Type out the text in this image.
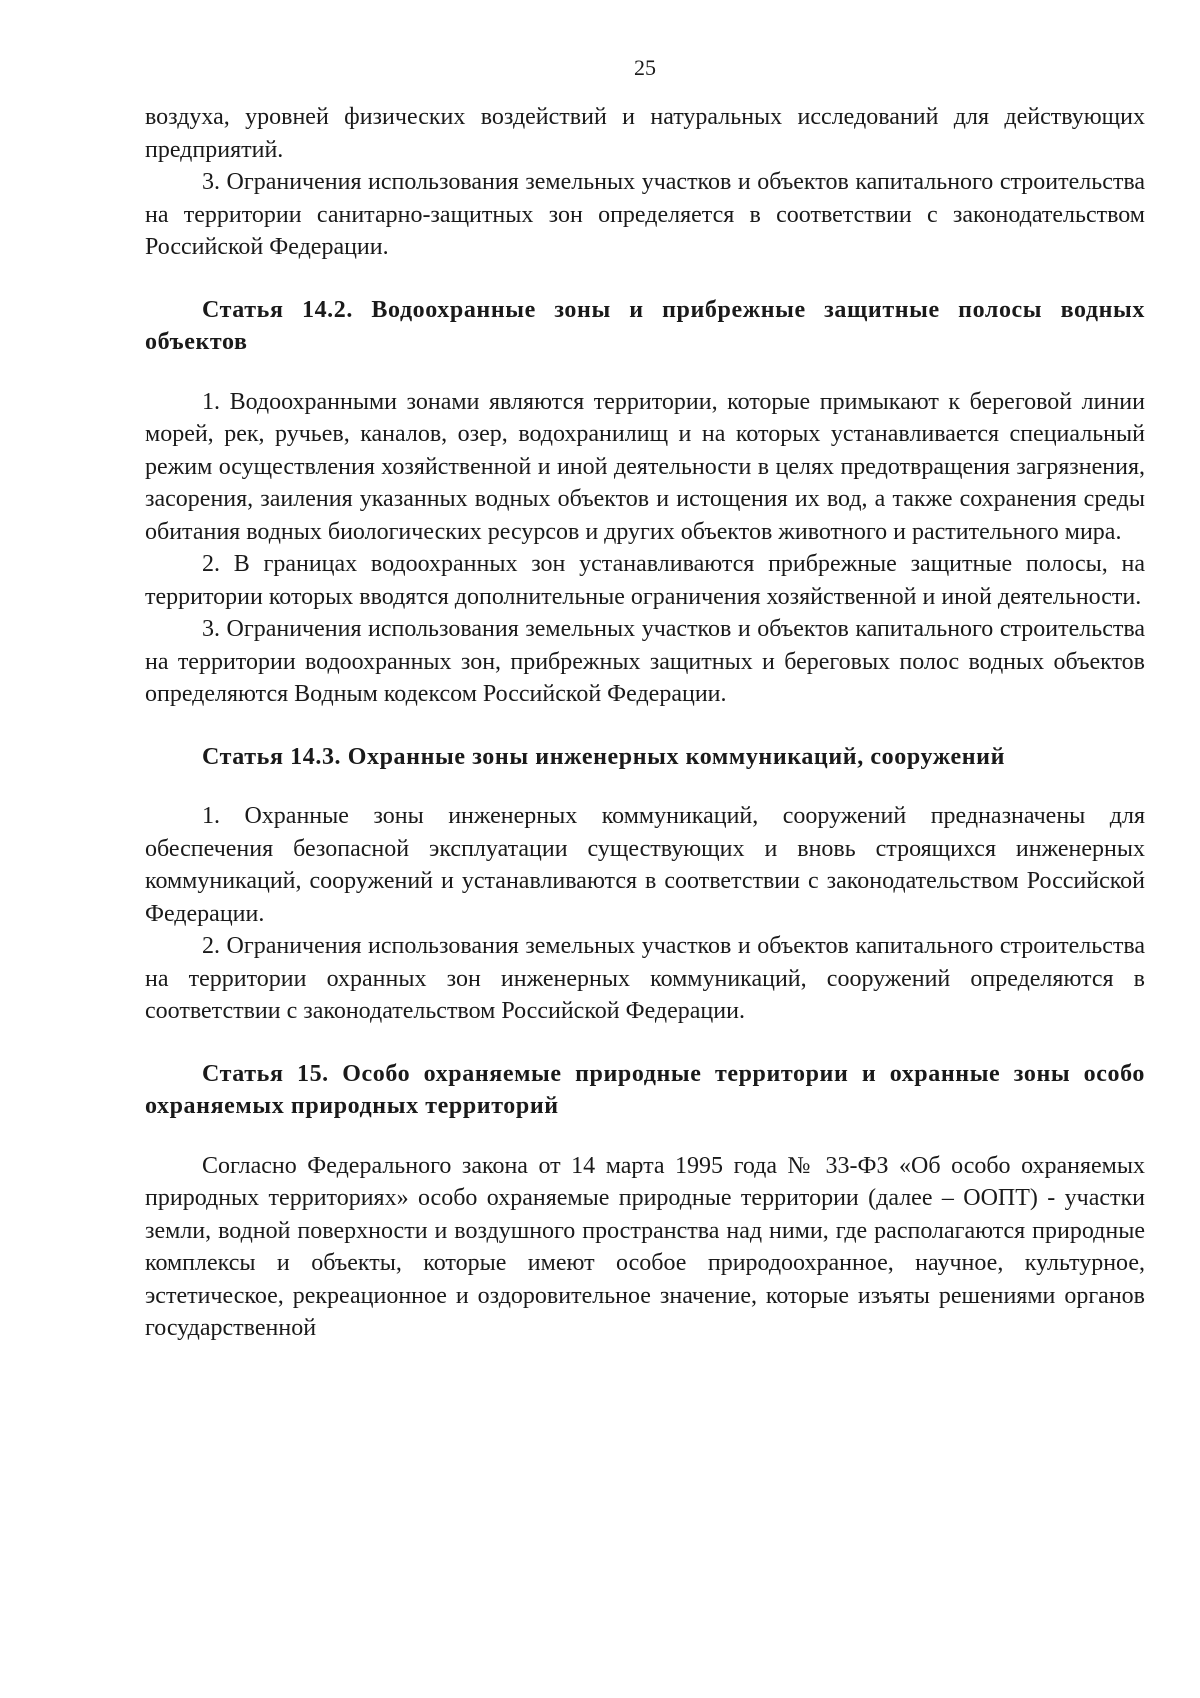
25

воздуха, уровней физических воздействий и натуральных исследований для действующих предприятий.

3. Ограничения использования земельных участков и объектов капитального строительства на территории санитарно-защитных зон определяется в соответствии с законодательством Российской Федерации.

Статья 14.2. Водоохранные зоны и прибрежные защитные полосы водных объектов

1. Водоохранными зонами являются территории, которые примыкают к береговой линии морей, рек, ручьев, каналов, озер, водохранилищ и на которых устанавливается специальный режим осуществления хозяйственной и иной деятельности в целях предотвращения загрязнения, засорения, заиления указанных водных объектов и истощения их вод, а также сохранения среды обитания водных биологических ресурсов и других объектов животного и растительного мира.

2. В границах водоохранных зон устанавливаются прибрежные защитные полосы, на территории которых вводятся дополнительные ограничения хозяйственной и иной деятельности.

3. Ограничения использования земельных участков и объектов капитального строительства на территории водоохранных зон, прибрежных защитных и береговых полос водных объектов определяются Водным кодексом Российской Федерации.

Статья 14.3. Охранные зоны инженерных коммуникаций, сооружений

1. Охранные зоны инженерных коммуникаций, сооружений предназначены для обеспечения безопасной эксплуатации существующих и вновь строящихся инженерных коммуникаций, сооружений и устанавливаются в соответствии с законодательством Российской Федерации.

2. Ограничения использования земельных участков и объектов капитального строительства на территории охранных зон инженерных коммуникаций, сооружений определяются в соответствии с законодательством Российской Федерации.

Статья 15. Особо охраняемые природные территории и охранные зоны особо охраняемых природных территорий

Согласно Федерального закона от 14 марта 1995 года № 33-ФЗ «Об особо охраняемых природных территориях» особо охраняемые природные территории (далее – ООПТ) - участки земли, водной поверхности и воздушного пространства над ними, где располагаются природные комплексы и объекты, которые имеют особое природоохранное, научное, культурное, эстетическое, рекреационное и оздоровительное значение, которые изъяты решениями органов государственной
